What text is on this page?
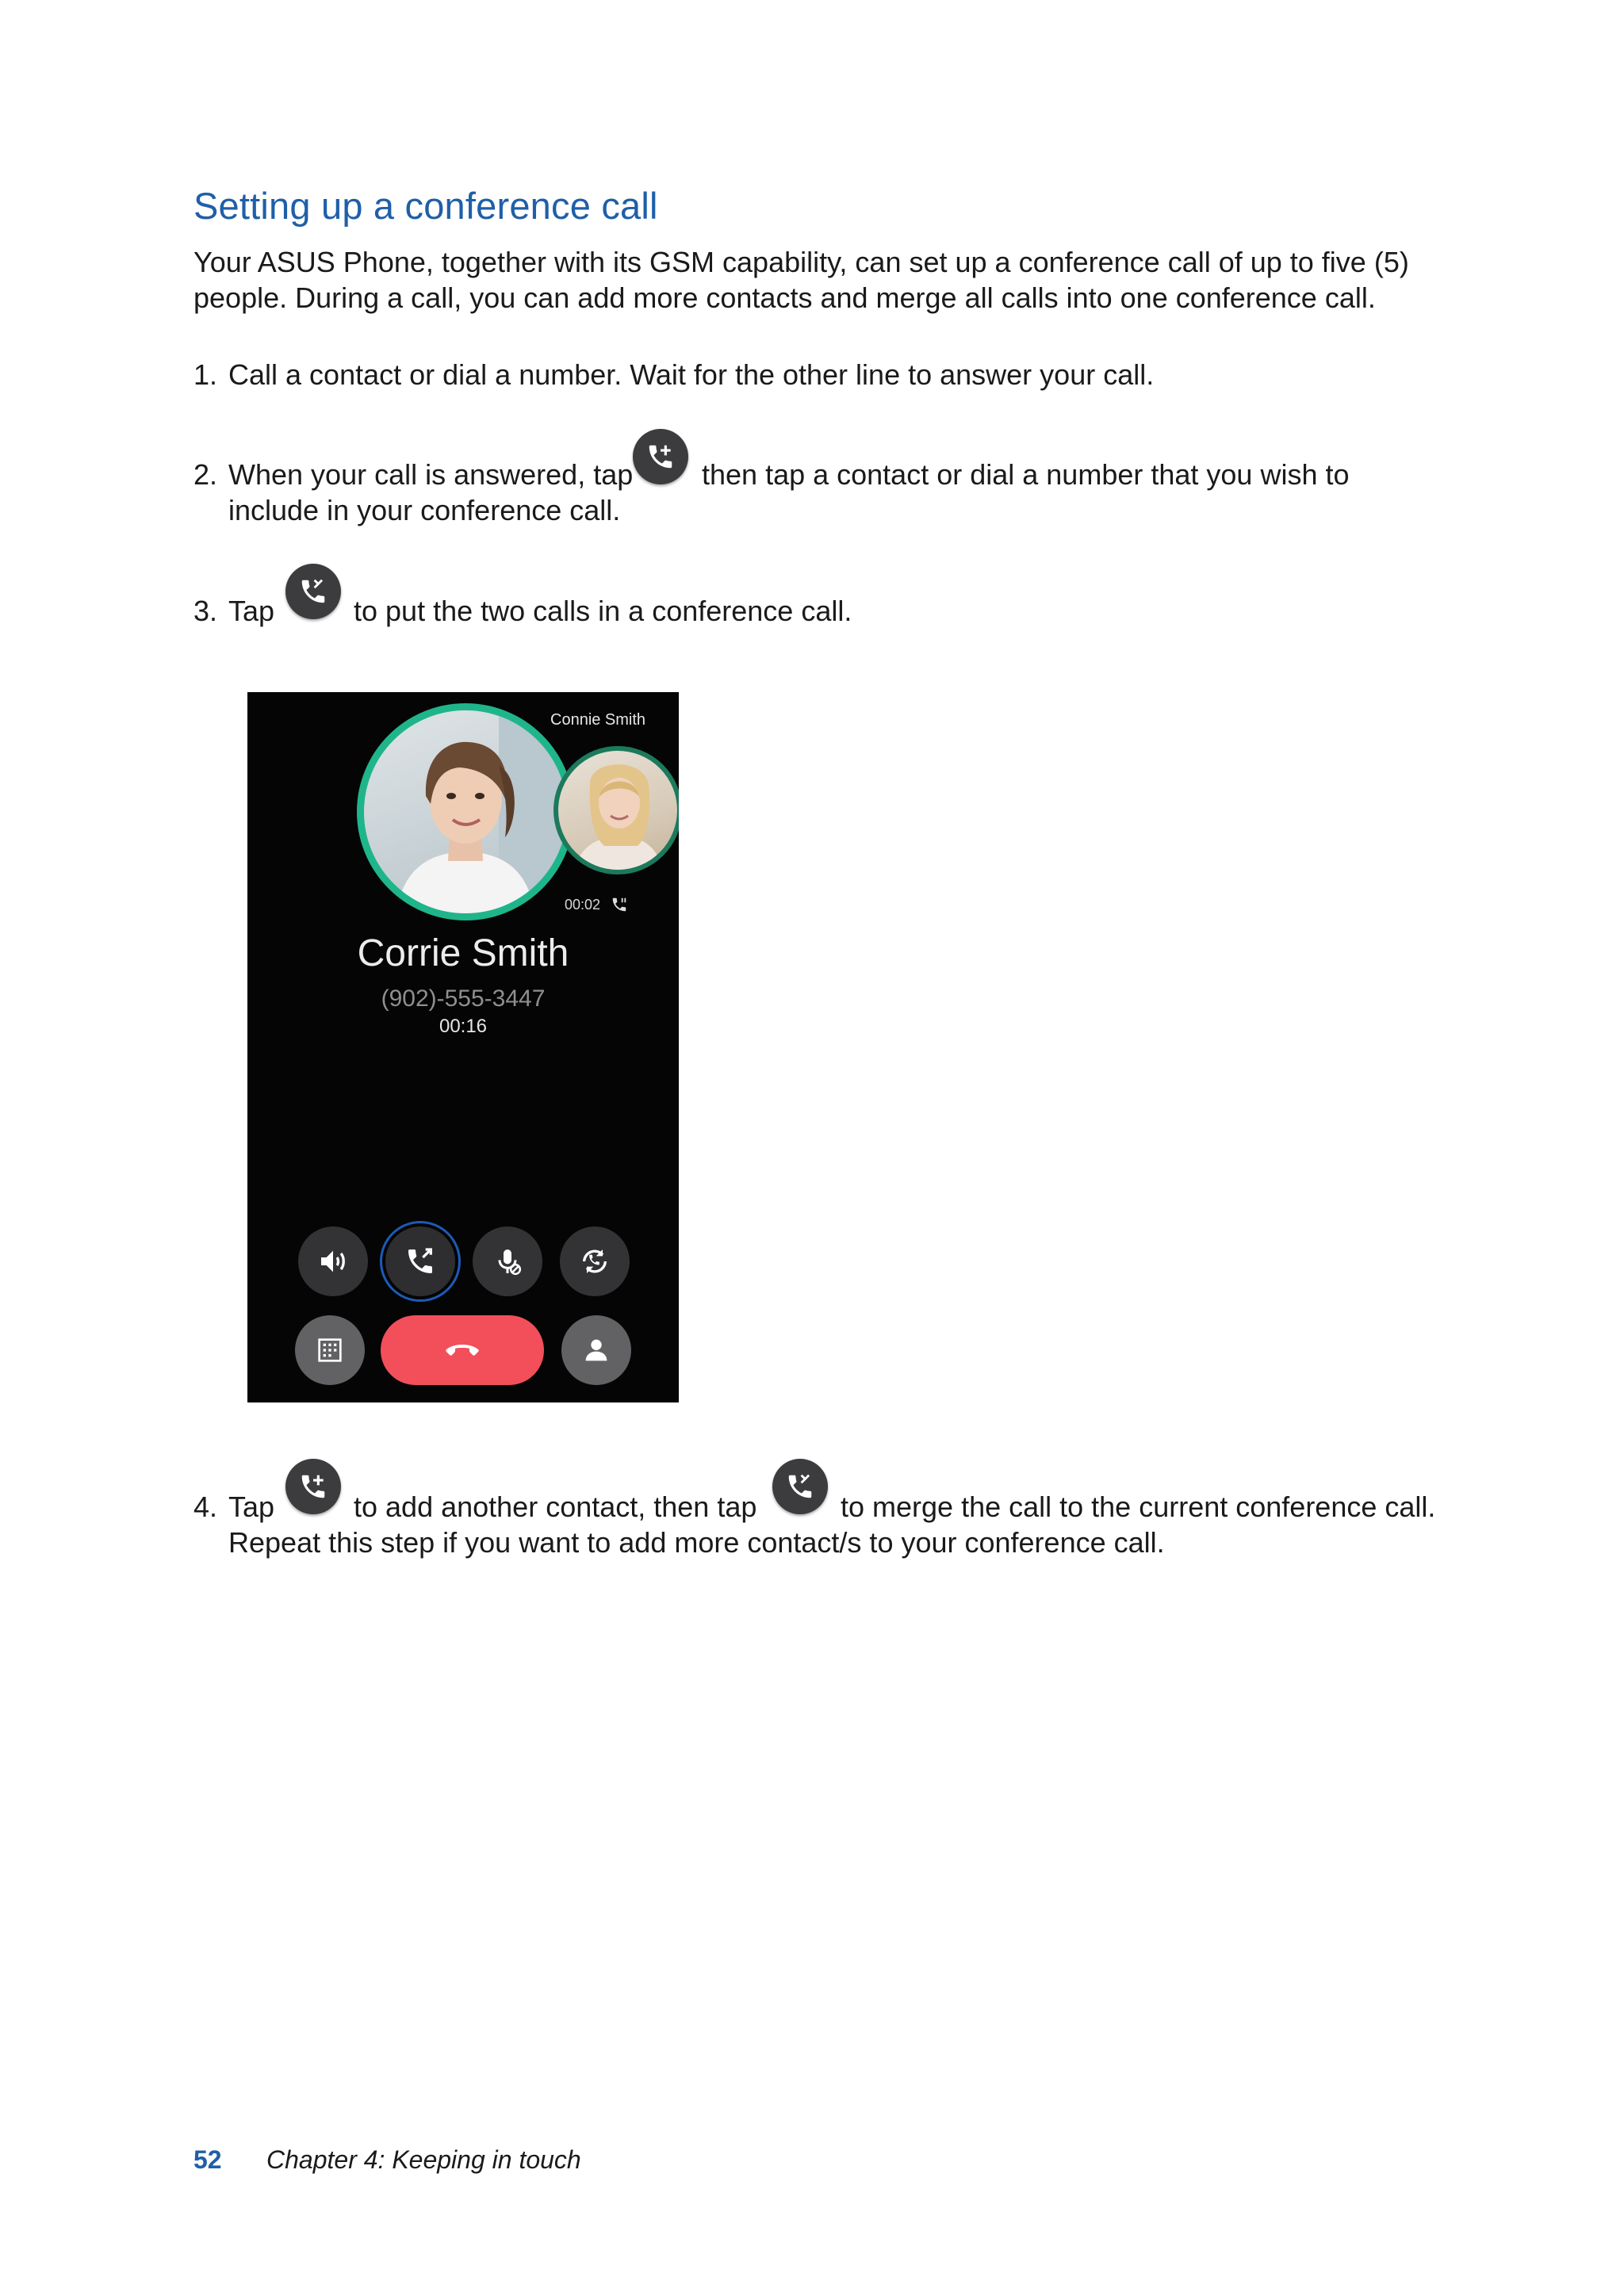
Setting up a conference call
Your ASUS Phone, together with its GSM capability, can set up a conference call of up to five (5)
people. During a call, you can add more contacts and merge all calls into one conference call.
1. Call a contact or dial a number. Wait for the other line to answer your call.
2. When your call is answered, tap then tap a contact or dial a number that you wish to
include in your conference call.
3. Tap	to put the two calls in a conference call.
Connie Smith
00:02
Corrie Smith
(902)-555-3447
00:16
4. Tap	to add another contact, then tap	to merge the call to the current conference call.
Repeat this step if you want to add more contact/s to your conference call.
52 Chapter 4: Keeping in touch
